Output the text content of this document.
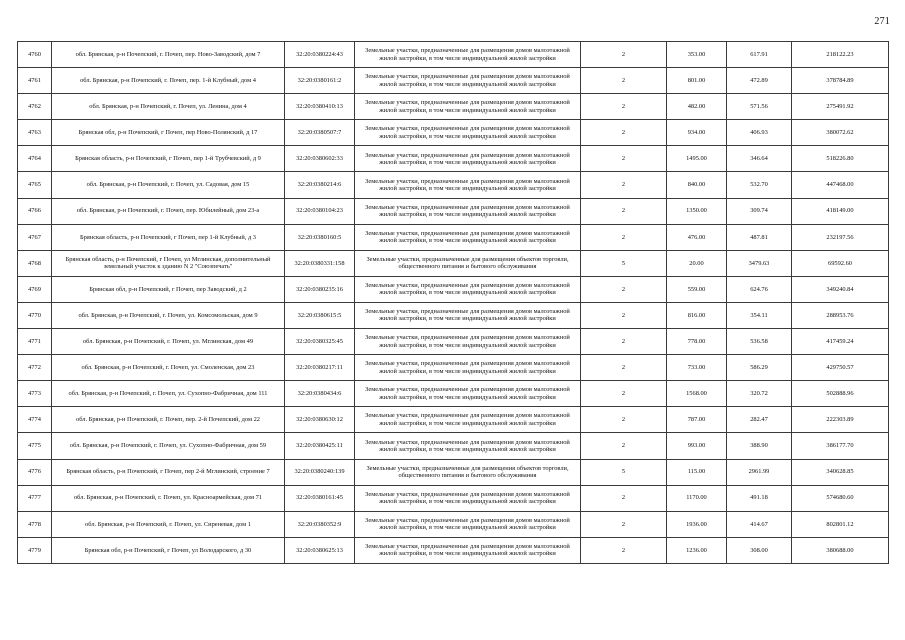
271
4760	обл. Брянская, р-н Почепский, г. Почеп, пер. Ново-Заводский, дом 7	32:20:0380224:43	Земельные участки, предназначенные для размещения домов малоэтажной жилой застройки, в том числе индивидуальной жилой застройки	2	353.00	617.91	218122.23
4761	обл. Брянская, р-н Почепский, г. Почеп, пер. 1-й Клубный, дом 4	32:20:0380161:2	Земельные участки, предназначенные для размещения домов малоэтажной жилой застройки, в том числе индивидуальной жилой застройки	2	801.00	472.89	378784.89
4762	обл. Брянская, р-н Почепский, г. Почеп, ул. Ленина, дом 4	32:20:0380410:13	Земельные участки, предназначенные для размещения домов малоэтажной жилой застройки, в том числе индивидуальной жилой застройки	2	482.00	571.56	275491.92
4763	Брянская обл, р-н Почепский, г Почеп, пер Ново-Полянский, д 17	32:20:0380507:7	Земельные участки, предназначенные для размещения домов малоэтажной жилой застройки, в том числе индивидуальной жилой застройки	2	934.00	406.93	380072.62
4764	Брянская область, р-н Почепский, г Почеп, пер 1-й Трубчевский, д 9	32:20:0380602:33	Земельные участки, предназначенные для размещения домов малоэтажной жилой застройки, в том числе индивидуальной жилой застройки	2	1495.00	346.64	518226.80
4765	обл. Брянская, р-н Почепский, г. Почеп, ул. Садовая, дом 15	32:20:0380214:6	Земельные участки, предназначенные для размещения домов малоэтажной жилой застройки, в том числе индивидуальной жилой застройки	2	840.00	532.70	447468.00
4766	обл. Брянская, р-н Почепский, г. Почеп, пер. Юбилейный, дом 23-а	32:20:0380104:23	Земельные участки, предназначенные для размещения домов малоэтажной жилой застройки, в том числе индивидуальной жилой застройки	2	1350.00	309.74	418149.00
4767	Брянская область, р-н Почепский, г Почеп, пер 1-й Клубный, д 3	32:20:0380160:5	Земельные участки, предназначенные для размещения домов малоэтажной жилой застройки, в том числе индивидуальной жилой застройки	2	476.00	487.81	232197.56
4768	Брянская область, р-н Почепский, г Почеп, ул Мглинская, дополнительный земельный участок к зданию N 2 "Союзпечать"	32:20:0380331:158	Земельные участки, предназначенные для размещения объектов торговли, общественного питания и бытового обслуживания	5	20.00	3479.63	69592.60
4769	Брянская обл, р-н Почепский, г Почеп, пер Заводский, д 2	32:20:0380235:16	Земельные участки, предназначенные для размещения домов малоэтажной жилой застройки, в том числе индивидуальной жилой застройки	2	559.00	624.76	349240.84
4770	обл. Брянская, р-н Почепский, г. Почеп, ул. Комсомольская, дом 9	32:20:0380615:5	Земельные участки, предназначенные для размещения домов малоэтажной жилой застройки, в том числе индивидуальной жилой застройки	2	816.00	354.11	288953.76
4771	обл. Брянская, р-н Почепский, г. Почеп, ул. Мглинская, дом 49	32:20:0380325:45	Земельные участки, предназначенные для размещения домов малоэтажной жилой застройки, в том числе индивидуальной жилой застройки	2	778.00	536.58	417459.24
4772	обл. Брянская, р-н Почепский, г. Почеп, ул. Смоленская, дом 23	32:20:0380217:11	Земельные участки, предназначенные для размещения домов малоэтажной жилой застройки, в том числе индивидуальной жилой застройки	2	733.00	586.29	429750.57
4773	обл. Брянская, р-н Почепский, г. Почеп, ул. Сухопно-Фабричная, дом 111	32:20:0380434:6	Земельные участки, предназначенные для размещения домов малоэтажной жилой застройки, в том числе индивидуальной жилой застройки	2	1568.00	320.72	502888.96
4774	обл. Брянская, р-н Почепский, г. Почеп, пер. 2-й Почепский, дом 22	32:20:0380630:12	Земельные участки, предназначенные для размещения домов малоэтажной жилой застройки, в том числе индивидуальной жилой застройки	2	787.00	282.47	222303.89
4775	обл. Брянская, р-н Почепский, г. Почеп, ул. Сухопно-Фабричная, дом 59	32:20:0380425:11	Земельные участки, предназначенные для размещения домов малоэтажной жилой застройки, в том числе индивидуальной жилой застройки	2	993.00	388.90	386177.70
4776	Брянская область, р-н Почепский, г Почеп, пер 2-й Мглинский, строение 7	32:20:0380240:139	Земельные участки, предназначенные для размещения объектов торговли, общественного питания и бытового обслуживания	5	115.00	2961.99	340628.85
4777	обл. Брянская, р-н Почепский, г. Почеп, ул. Красноармейская, дом 71	32:20:0380161:45	Земельные участки, предназначенные для размещения домов малоэтажной жилой застройки, в том числе индивидуальной жилой застройки	2	1170.00	491.18	574680.60
4778	обл. Брянская, р-н Почепский, г. Почеп, ул. Сиреневая, дом 1	32:20:0380352:9	Земельные участки, предназначенные для размещения домов малоэтажной жилой застройки, в том числе индивидуальной жилой застройки	2	1936.00	414.67	802801.12
4779	Брянская обл, р-н Почепский, г Почеп, ул Володарского, д 30	32:20:0380625:13	Земельные участки, предназначенные для размещения домов малоэтажной жилой застройки, в том числе индивидуальной жилой застройки	2	1236.00	308.00	380688.00
